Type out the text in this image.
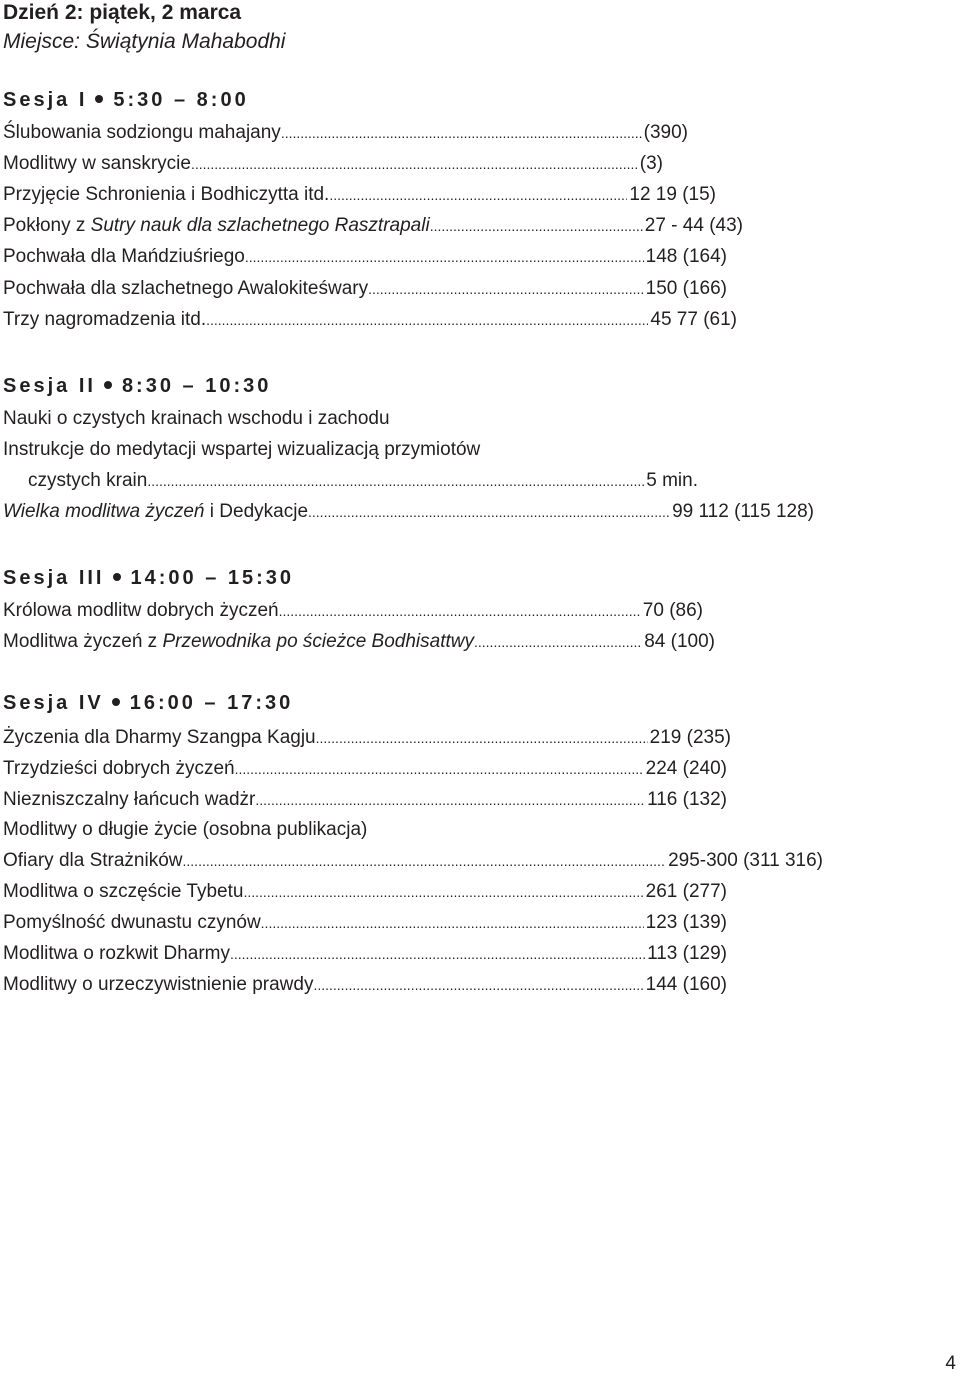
Dzień 2: piątek, 2 marca
Miejsce: Świątynia Mahabodhi
Sesja I 5:30 – 8:00
Ślubowania sodziongu mahajany .....	(390)
Modlitwy w sanskrycie .....	(3)
Przyjęcie Schronienia i Bodhiczytta itd. .....	12 19 (15)
Pokłony z Sutry nauk dla szlachetnego Rasztrapali .....	27 - 44 (43)
Pochwała dla Mańdziuśriego .....	148 (164)
Pochwała dla szlachetnego Awalokiteśwary .....	150 (166)
Trzy nagromadzenia itd. .....	45 77 (61)
Sesja II 8:30 – 10:30
Nauki o czystych krainach wschodu i zachodu
Instrukcje do medytacji wspartej wizualizacją przymiotów
czystych krain .....	5 min.
Wielka modlitwa życzeń i Dedykacje .....	99 112 (115 128)
Sesja III 14:00 – 15:30
Królowa modlitw dobrych życzeń .....	70 (86)
Modlitwa życzeń z Przewodnika po ścieżce Bodhisattwy .....	84 (100)
Sesja IV 16:00 – 17:30
Życzenia dla Dharmy Szangpa Kagju .....	219 (235)
Trzydzieści dobrych życzeń .....	224 (240)
Niezniszczalny łańcuch wadżr .....	116 (132)
Modlitwy o długie życie (osobna publikacja)
Ofiary dla Strażników .....	295-300 (311 316)
Modlitwa o szczęście Tybetu .....	261 (277)
Pomyślność dwunastu czynów .....	123 (139)
Modlitwa o rozkwit Dharmy .....	113 (129)
Modlitwy o urzeczywistnienie prawdy .....	144 (160)
4
